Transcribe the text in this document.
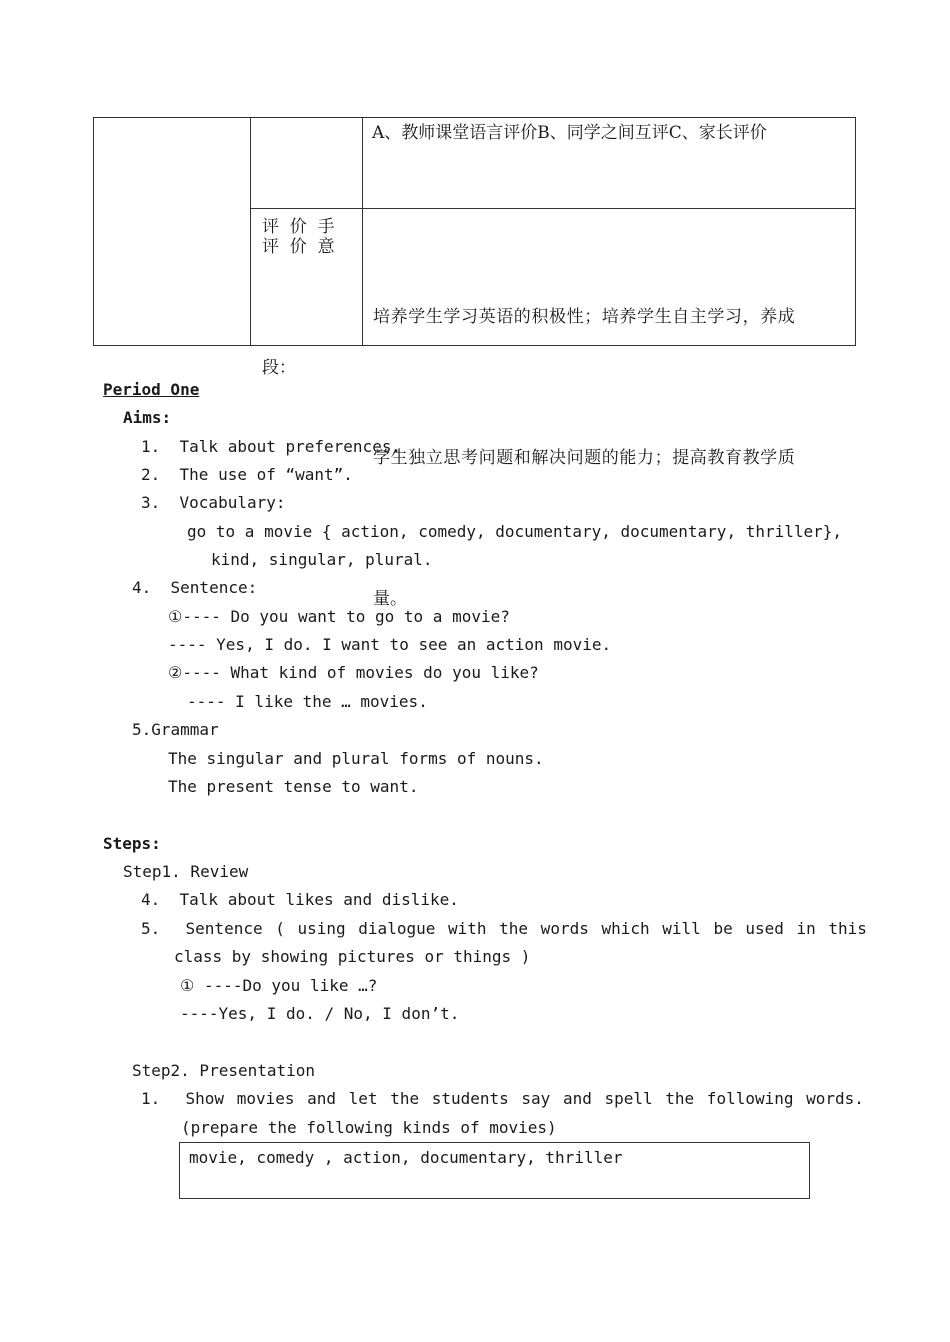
评  价  手

段：

A、教师课堂语言评价B、同学之间互评C、家长评价
评  价  意

培养学生学习英语的积极性；培养学生自主学习，养成

学生独立思考问题和解决问题的能力；提高教育教学质

量。

Period One
Aims:
1.  Talk about preferences.
2.  The use of “want”.
3.  Vocabulary:
go to a movie { action, comedy, documentary, documentary, thriller},
kind, singular, plural.
4.  Sentence:
①---- Do you want to go to a movie?
---- Yes, I do. I want to see an action movie.
②---- What kind of movies do you like?
---- I like the … movies.
5.Grammar
The singular and plural forms of nouns.
The present tense to want.
Steps:
Step1. Review
4.  Talk about likes and dislike.
5.  Sentence ( using dialogue with the words which will be used in this
class by showing pictures or things )
① ----Do you like …?
----Yes, I do. / No, I don’t.
Step2. Presentation
1.  Show movies and let the students say and spell the following words.
(prepare the following kinds of movies)
movie, comedy , action, documentary, thriller
